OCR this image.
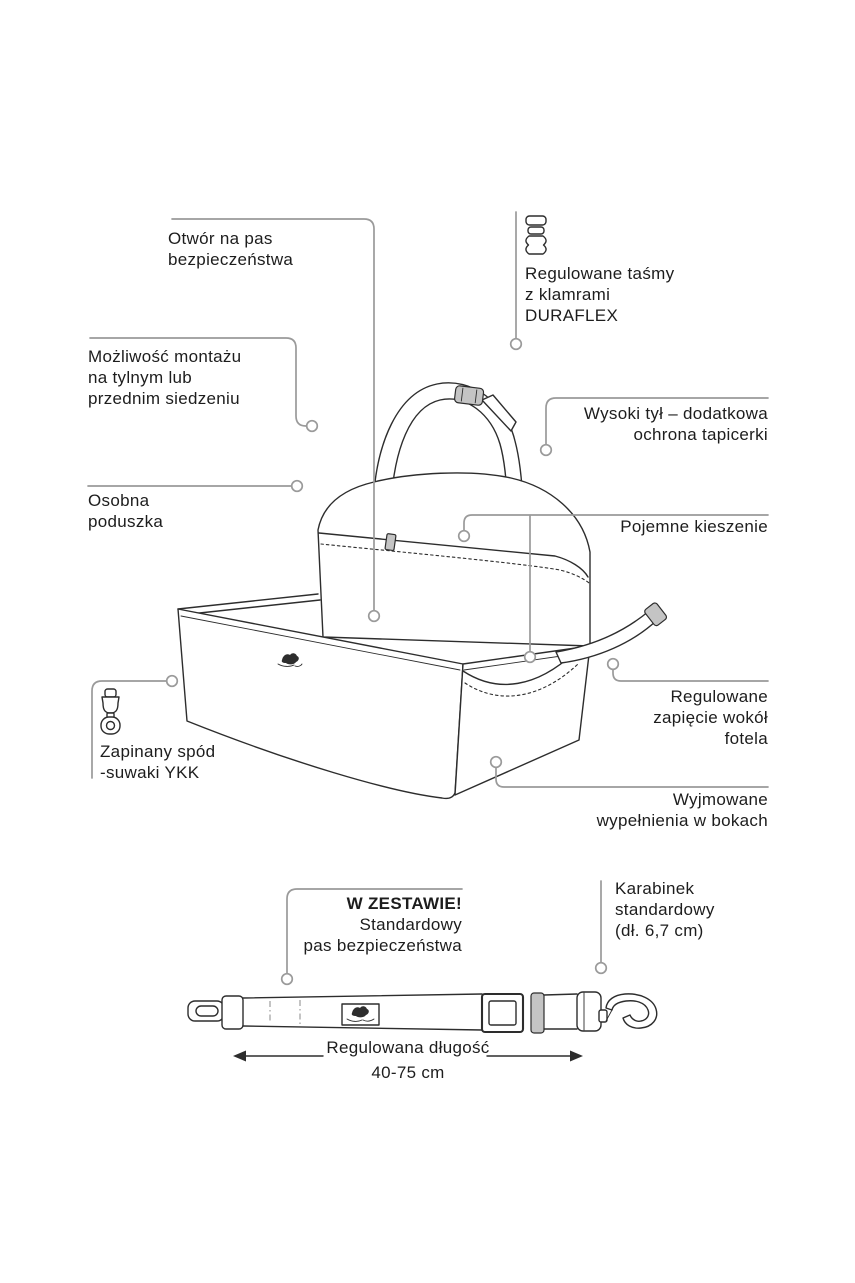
Otwór na pas
bezpieczeństwa
Regulowane taśmy
z klamrami
DURAFLEX
Możliwość montażu
na tylnym lub
przednim siedzeniu
Wysoki tył – dodatkowa
ochrona tapicerki
Osobna
poduszka	Pojemne kieszenie
Zapinany spód
-suwaki YKK
Regulowane
zapięcie wokół
fotela
Wyjmowane
wypełnienia w bokach
W ZESTAWIE!
Standardowy
pas bezpieczeństwa
Karabinek
standardowy
(dł. 6,7 cm)
Regulowana długość
40-75 cm
